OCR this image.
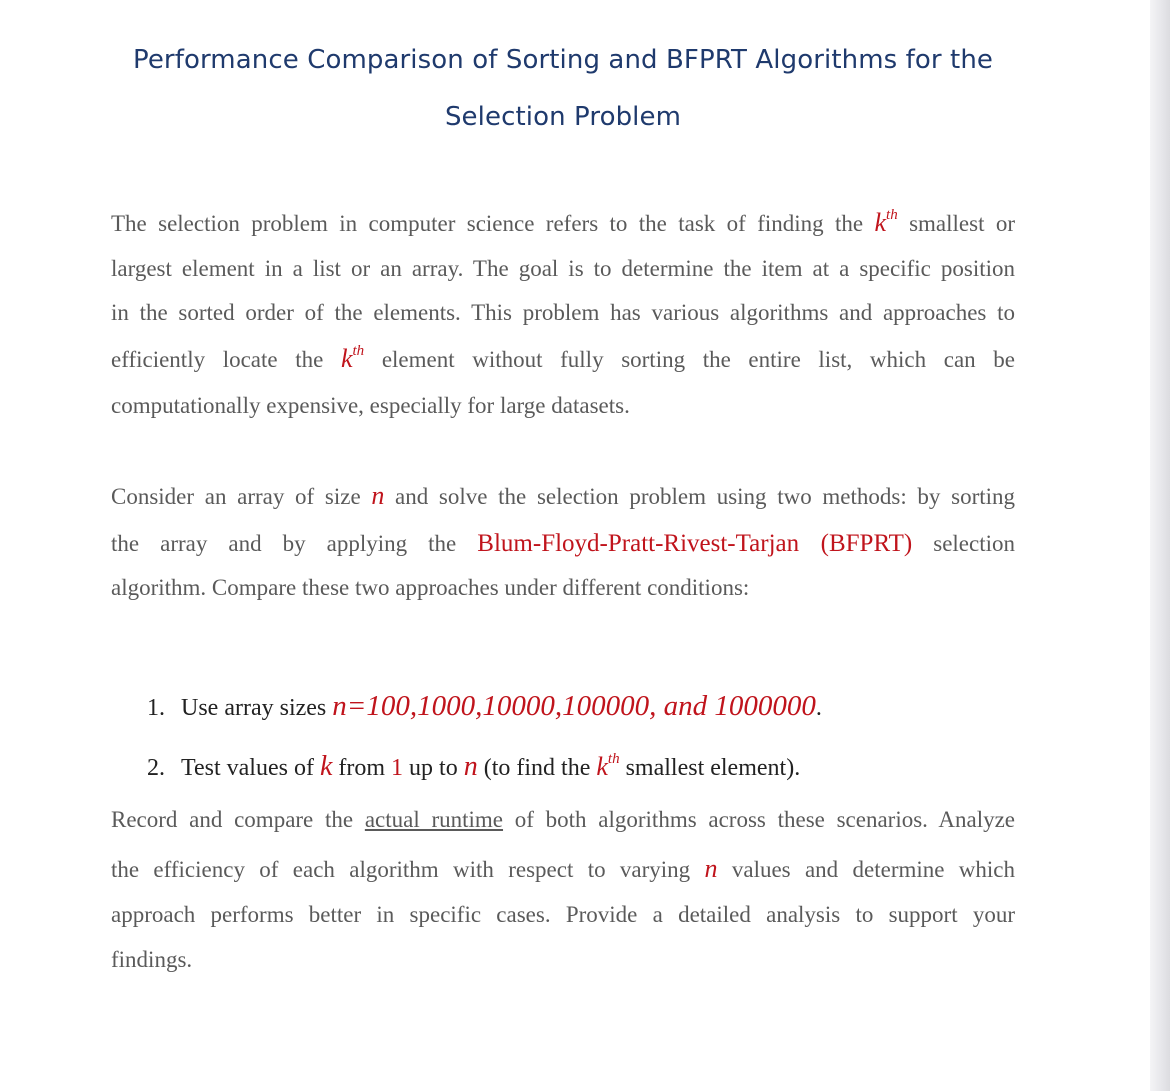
Performance Comparison of Sorting and BFPRT Algorithms for the
Selection Problem
The selection problem in computer science refers to the task of finding the $k^{th}$ smallest or
largest element in a list or an array. The goal is to determine the item at a specific position
in the sorted order of the elements. This problem has various algorithms and approaches to
efficiently locate the $k^{th}$ element without fully sorting the entire list, which can be
computationally expensive, especially for large datasets.
Consider an array of size n and solve the selection problem using two methods: by sorting
the array and by applying the Blum-Floyd-Pratt-Rivest-Tarjan (BFPRT) selection
algorithm. Compare these two approaches under different conditions:
1. Use array sizes n=100,1000,10000,100000, and 1000000.
2. Test values of k from 1 up to n (to find the $k^{th}$ smallest element).
Record and compare the actual runtime of both algorithms across these scenarios. Analyze
the efficiency of each algorithm with respect to varying n values and determine which
approach performs better in specific cases. Provide a detailed analysis to support your
findings.
